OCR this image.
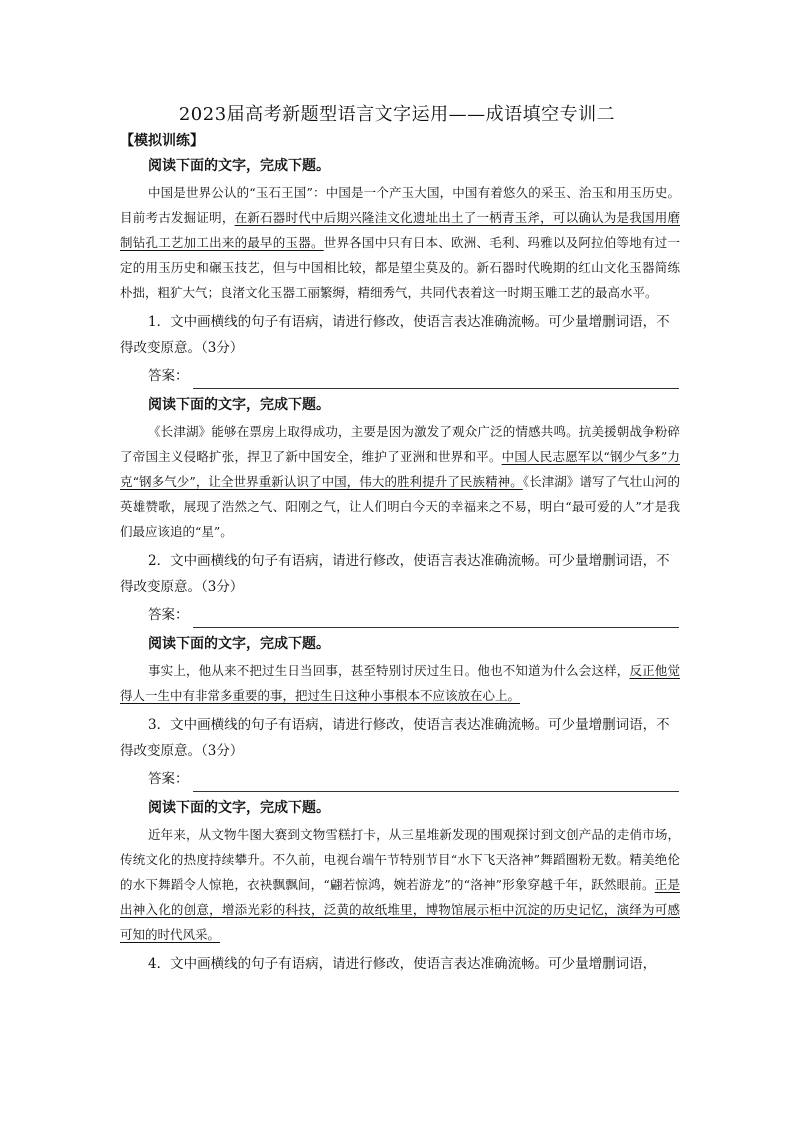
2023届高考新题型语言文字运用——成语填空专训二
【模拟训练】
阅读下面的文字，完成下题。

中国是世界公认的“玉石王国”：中国是一个产玉大国，中国有着悠久的采玉、治玉和用玉历史。目前考古发掘证明，在新石器时代中后期兴隆洼文化遗址出土了一柄青玉斧，可以确认为是我国用磨制钻孔工艺加工出来的最早的玉器。世界各国中只有日本、欧洲、毛利、玛雅以及阿拉伯等地有过一定的用玉历史和碾玉技艺，但与中国相比较，都是望尘莫及的。新石器时代晚期的红山文化玉器简练朴拙，粗犷大气；良渚文化玉器工丽繁缛，精细秀气，共同代表着这一时期玉雕工艺的最高水平。

1．文中画横线的句子有语病，请进行修改，使语言表达准确流畅。可少量增删词语，不得改变原意。（3分）

答案：
阅读下面的文字，完成下题。

《长津湖》能够在票房上取得成功，主要是因为激发了观众广泛的情感共鸣。抗美援朝战争粉碎了帝国主义侵略扩张，捍卫了新中国安全，维护了亚洲和世界和平。中国人民志愿军以“钢少气多”力克“钢多气少”，让全世界重新认识了中国，伟大的胜利提升了民族精神。《长津湖》谱写了气壮山河的英雄赞歌，展现了浩然之气、阳刚之气，让人们明白今天的幸福来之不易，明白“最可爱的人”才是我们最应该追的“星”。

2．文中画横线的句子有语病，请进行修改，使语言表达准确流畅。可少量增删词语，不得改变原意。（3分）

答案：
阅读下面的文字，完成下题。

事实上，他从来不把过生日当回事，甚至特别讨厌过生日。他也不知道为什么会这样，反正他觉得人一生中有非常多重要的事，把过生日这种小事根本不应该放在心上。

3．文中画横线的句子有语病，请进行修改，使语言表达准确流畅。可少量增删词语，不得改变原意。（3分）

答案：
阅读下面的文字，完成下题。

近年来，从文物牛图大赛到文物雪糕打卡，从三星堆新发现的围观探讨到文创产品的走俏市场，传统文化的热度持续攀升。不久前，电视台端午节特别节目“水下飞天洛神”舞蹈圈粉无数。精美绝伦的水下舞蹈令人惊艳，衣袂飘飘间，“翩若惊鸿，婉若游龙”的“洛神”形象穿越千年，跃然眼前。正是出神入化的创意，增添光彩的科技，泛黄的故纸堆里，博物馆展示柜中沉淀的历史记忆，演绎为可感可知的时代风采。

4．文中画横线的句子有语病，请进行修改，使语言表达准确流畅。可少量增删词语，
